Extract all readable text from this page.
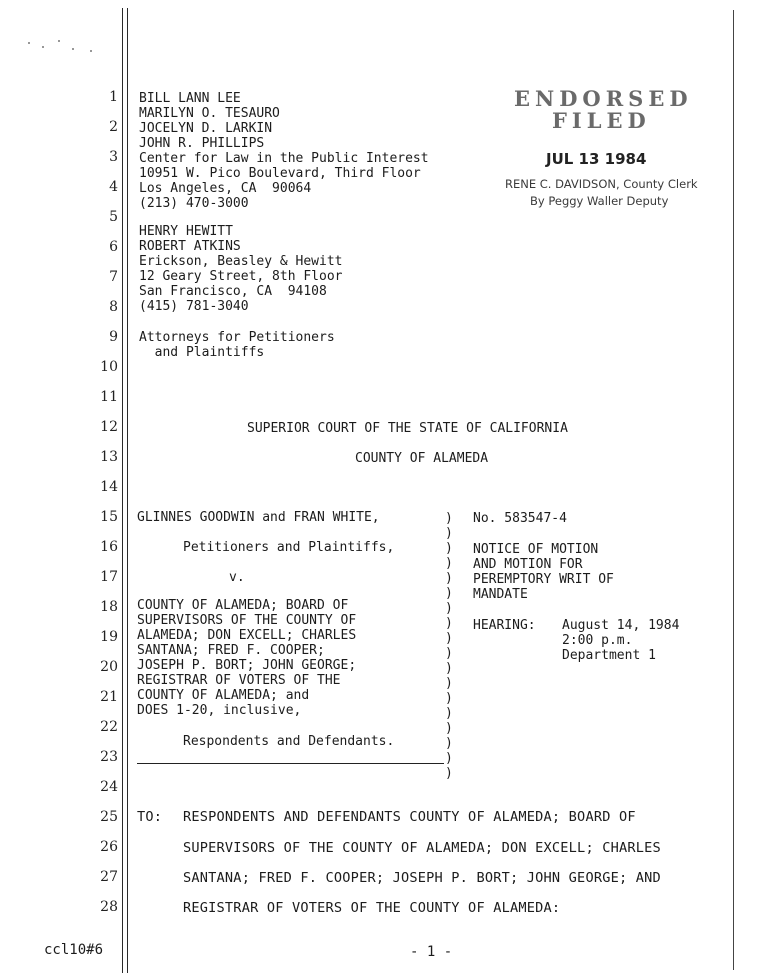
1
2
3
4
5
6
7
8
9
10
11
12
13
14
15
16
17
18
19
20
21
22
23
24
25
26
27
28
BILL LANN LEE
MARILYN O. TESAURO
JOCELYN D. LARKIN
JOHN R. PHILLIPS
Center for Law in the Public Interest
10951 W. Pico Boulevard, Third Floor
Los Angeles, CA  90064
(213) 470-3000
HENRY HEWITT
ROBERT ATKINS
Erickson, Beasley & Hewitt
12 Geary Street, 8th Floor
San Francisco, CA  94108
(415) 781-3040
Attorneys for Petitioners
and Plaintiffs
ENDORSED
FILED
JUL 13 1984
RENE C. DAVIDSON, County Clerk
By Peggy Waller Deputy
SUPERIOR COURT OF THE STATE OF CALIFORNIA
COUNTY OF ALAMEDA
GLINNES GOODWIN and FRAN WHITE,
Petitioners and Plaintiffs,
v.
COUNTY OF ALAMEDA; BOARD OF
SUPERVISORS OF THE COUNTY OF
ALAMEDA; DON EXCELL; CHARLES
SANTANA; FRED F. COOPER;
JOSEPH P. BORT; JOHN GEORGE;
REGISTRAR OF VOTERS OF THE
COUNTY OF ALAMEDA; and
DOES 1-20, inclusive,
Respondents and Defendants.
)
)
)
)
)
)
)
)
)
)
)
)
)
)
)
)
)
)
No. 583547-4
NOTICE OF MOTION
AND MOTION FOR
PEREMPTORY WRIT OF
MANDATE
HEARING: August 14, 1984
2:00 p.m.
Department 1
TO: RESPONDENTS AND DEFENDANTS COUNTY OF ALAMEDA; BOARD OF
SUPERVISORS OF THE COUNTY OF ALAMEDA; DON EXCELL; CHARLES
SANTANA; FRED F. COOPER; JOSEPH P. BORT; JOHN GEORGE; AND
REGISTRAR OF VOTERS OF THE COUNTY OF ALAMEDA:
ccl10#6	- 1 -
